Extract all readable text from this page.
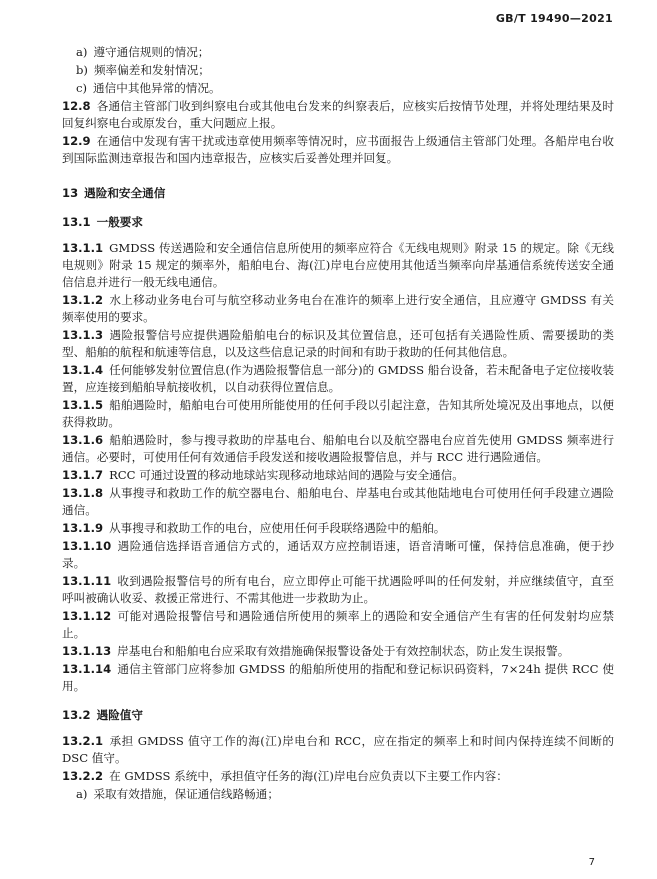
GB/T 19490—2021
a) 遵守通信规则的情况；
b) 频率偏差和发射情况；
c) 通信中其他异常的情况。
12.8 各通信主管部门收到纠察电台或其他电台发来的纠察表后，应核实后按情节处理，并将处理结果及时回复纠察电台或原发台，重大问题应上报。
12.9 在通信中发现有害干扰或违章使用频率等情况时，应书面报告上级通信主管部门处理。各船岸电台收到国际监测违章报告和国内违章报告，应核实后妥善处理并回复。
13 遇险和安全通信
13.1 一般要求
13.1.1 GMDSS 传送遇险和安全通信信息所使用的频率应符合《无线电规则》附录 15 的规定。除《无线电规则》附录 15 规定的频率外，船舶电台、海(江)岸电台应使用其他适当频率向岸基通信系统传送安全通信信息并进行一般无线电通信。
13.1.2 水上移动业务电台可与航空移动业务电台在准许的频率上进行安全通信，且应遵守 GMDSS 有关频率使用的要求。
13.1.3 遇险报警信号应提供遇险船舶电台的标识及其位置信息，还可包括有关遇险性质、需要援助的类型、船舶的航程和航速等信息，以及这些信息记录的时间和有助于救助的任何其他信息。
13.1.4 任何能够发射位置信息(作为遇险报警信息一部分)的 GMDSS 船台设备，若未配备电子定位接收装置，应连接到船舶导航接收机，以自动获得位置信息。
13.1.5 船舶遇险时，船舶电台可使用所能使用的任何手段以引起注意，告知其所处境况及出事地点，以便获得救助。
13.1.6 船舶遇险时，参与搜寻救助的岸基电台、船舶电台以及航空器电台应首先使用 GMDSS 频率进行通信。必要时，可使用任何有效通信手段发送和接收遇险报警信息，并与 RCC 进行遇险通信。
13.1.7 RCC 可通过设置的移动地球站实现移动地球站间的遇险与安全通信。
13.1.8 从事搜寻和救助工作的航空器电台、船舶电台、岸基电台或其他陆地电台可使用任何手段建立遇险通信。
13.1.9 从事搜寻和救助工作的电台，应使用任何手段联络遇险中的船舶。
13.1.10 遇险通信选择语音通信方式的，通话双方应控制语速，语音清晰可懂，保持信息准确，便于抄录。
13.1.11 收到遇险报警信号的所有电台，应立即停止可能干扰遇险呼叫的任何发射，并应继续值守，直至呼叫被确认收妥、救援正常进行、不需其他进一步救助为止。
13.1.12 可能对遇险报警信号和遇险通信所使用的频率上的遇险和安全通信产生有害的任何发射均应禁止。
13.1.13 岸基电台和船舶电台应采取有效措施确保报警设备处于有效控制状态，防止发生误报警。
13.1.14 通信主管部门应将参加 GMDSS 的船舶所使用的指配和登记标识码资料，7×24h 提供 RCC 使用。
13.2 遇险值守
13.2.1 承担 GMDSS 值守工作的海(江)岸电台和 RCC，应在指定的频率上和时间内保持连续不间断的 DSC 值守。
13.2.2 在 GMDSS 系统中，承担值守任务的海(江)岸电台应负责以下主要工作内容：
a) 采取有效措施，保证通信线路畅通；
7
